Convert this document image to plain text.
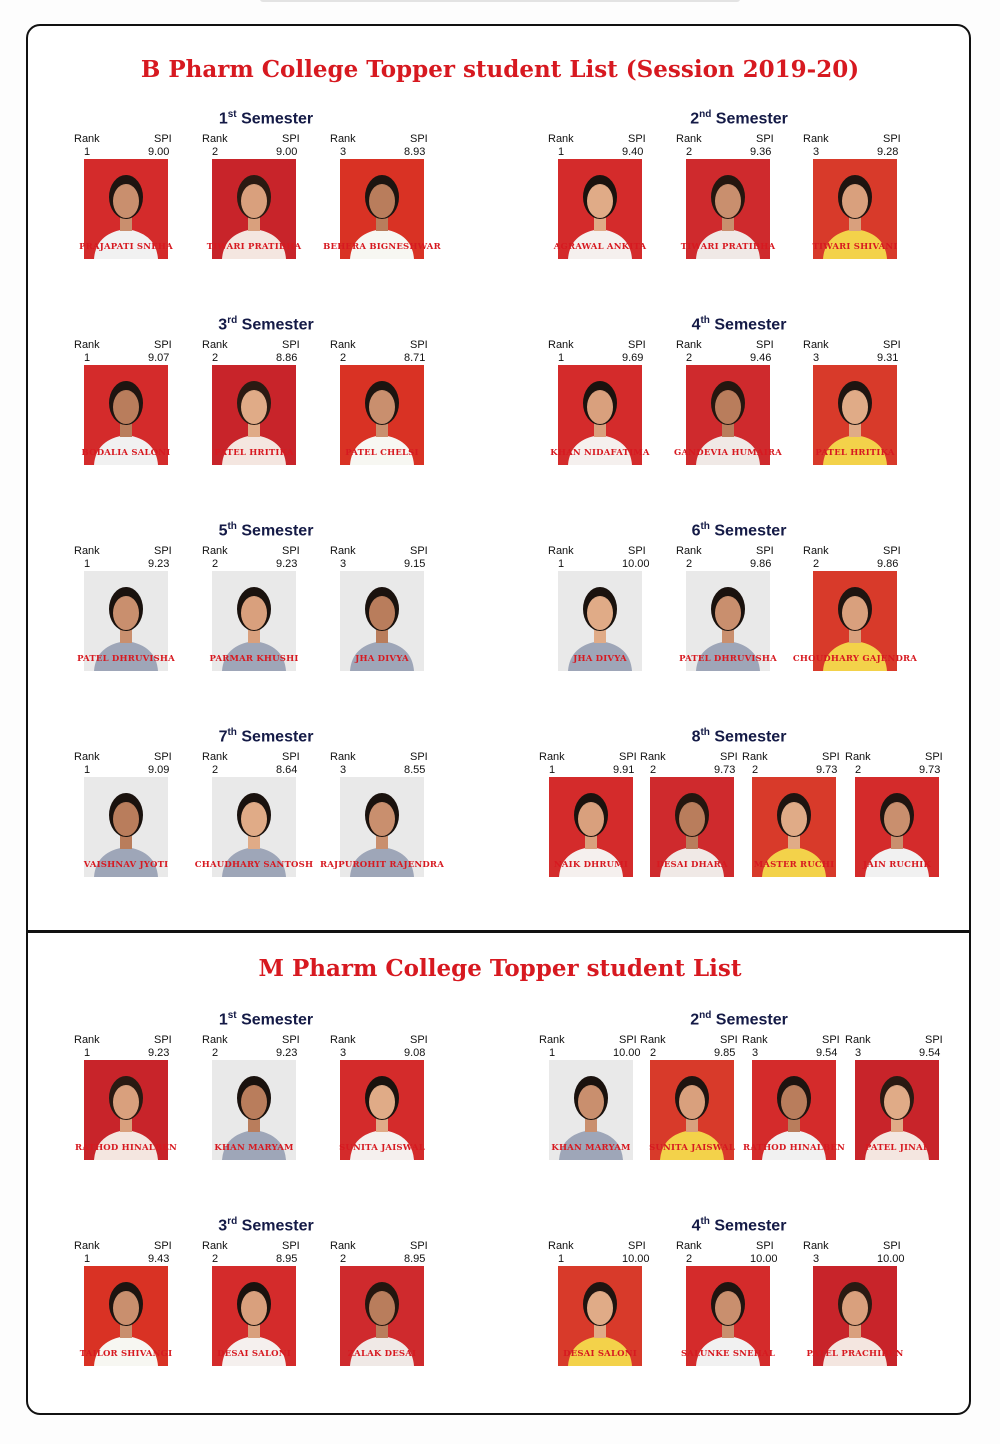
B Pharm College Topper student List (Session 2019-20)
M Pharm College Topper student List
1st Semester
Rank	SPI
1	9.00
PRAJAPATI SNEHA
Rank	SPI
2	9.00
TIWARI PRATIBHA
Rank	SPI
3	8.93
BEHERA BIGNESHWAR
2nd Semester
Rank	SPI
1	9.40
AGRAWAL ANKITA
Rank	SPI
2	9.36
TIWARI PRATIBHA
Rank	SPI
3	9.28
TIWARI SHIVANI
3rd Semester
Rank	SPI
1	9.07
BODALIA SALONI
Rank	SPI
2	8.86
PATEL HRITIKA
Rank	SPI
2	8.71
PATEL CHELSI
4th Semester
Rank	SPI
1	9.69
KHAN NIDAFATIMA
Rank	SPI
2	9.46
GANDEVIA HUMAIRA
Rank	SPI
3	9.31
PATEL HRITIKA
5th Semester
Rank	SPI
1	9.23
PATEL DHRUVISHA
Rank	SPI
2	9.23
PARMAR KHUSHI
Rank	SPI
3	9.15
JHA DIVYA
6th Semester
Rank	SPI
1	10.00
JHA DIVYA
Rank	SPI
2	9.86
PATEL DHRUVISHA
Rank	SPI
2	9.86
CHOUDHARY GAJENDRA
7th Semester
Rank	SPI
1	9.09
VAISHNAV JYOTI
Rank	SPI
2	8.64
CHAUDHARY SANTOSH
Rank	SPI
3	8.55
RAJPUROHIT RAJENDRA
8th Semester
Rank	SPI
1	9.91
NAIK DHRUMI
Rank	SPI
2	9.73
DESAI DHARA
Rank	SPI
2	9.73
MASTER RUCHI
Rank	SPI
2	9.73
JAIN RUCHIK
1st Semester
Rank	SPI
1	9.23
RATHOD HINALBEN
Rank	SPI
2	9.23
KHAN MARYAM
Rank	SPI
3	9.08
SUNITA JAISWAL
2nd Semester
Rank	SPI
1	10.00
KHAN MARYAM
Rank	SPI
2	9.85
SUNITA JAISWAL
Rank	SPI
3	9.54
RATHOD HINALBEN
Rank	SPI
3	9.54
PATEL JINAL
3rd Semester
Rank	SPI
1	9.43
TAILOR SHIVANGI
Rank	SPI
2	8.95
DESAI SALONI
Rank	SPI
2	8.95
ZALAK DESAI
4th Semester
Rank	SPI
1	10.00
DESAI SALONI
Rank	SPI
2	10.00
SALUNKE SNEHAL
Rank	SPI
3	10.00
PATEL PRACHIBEN
